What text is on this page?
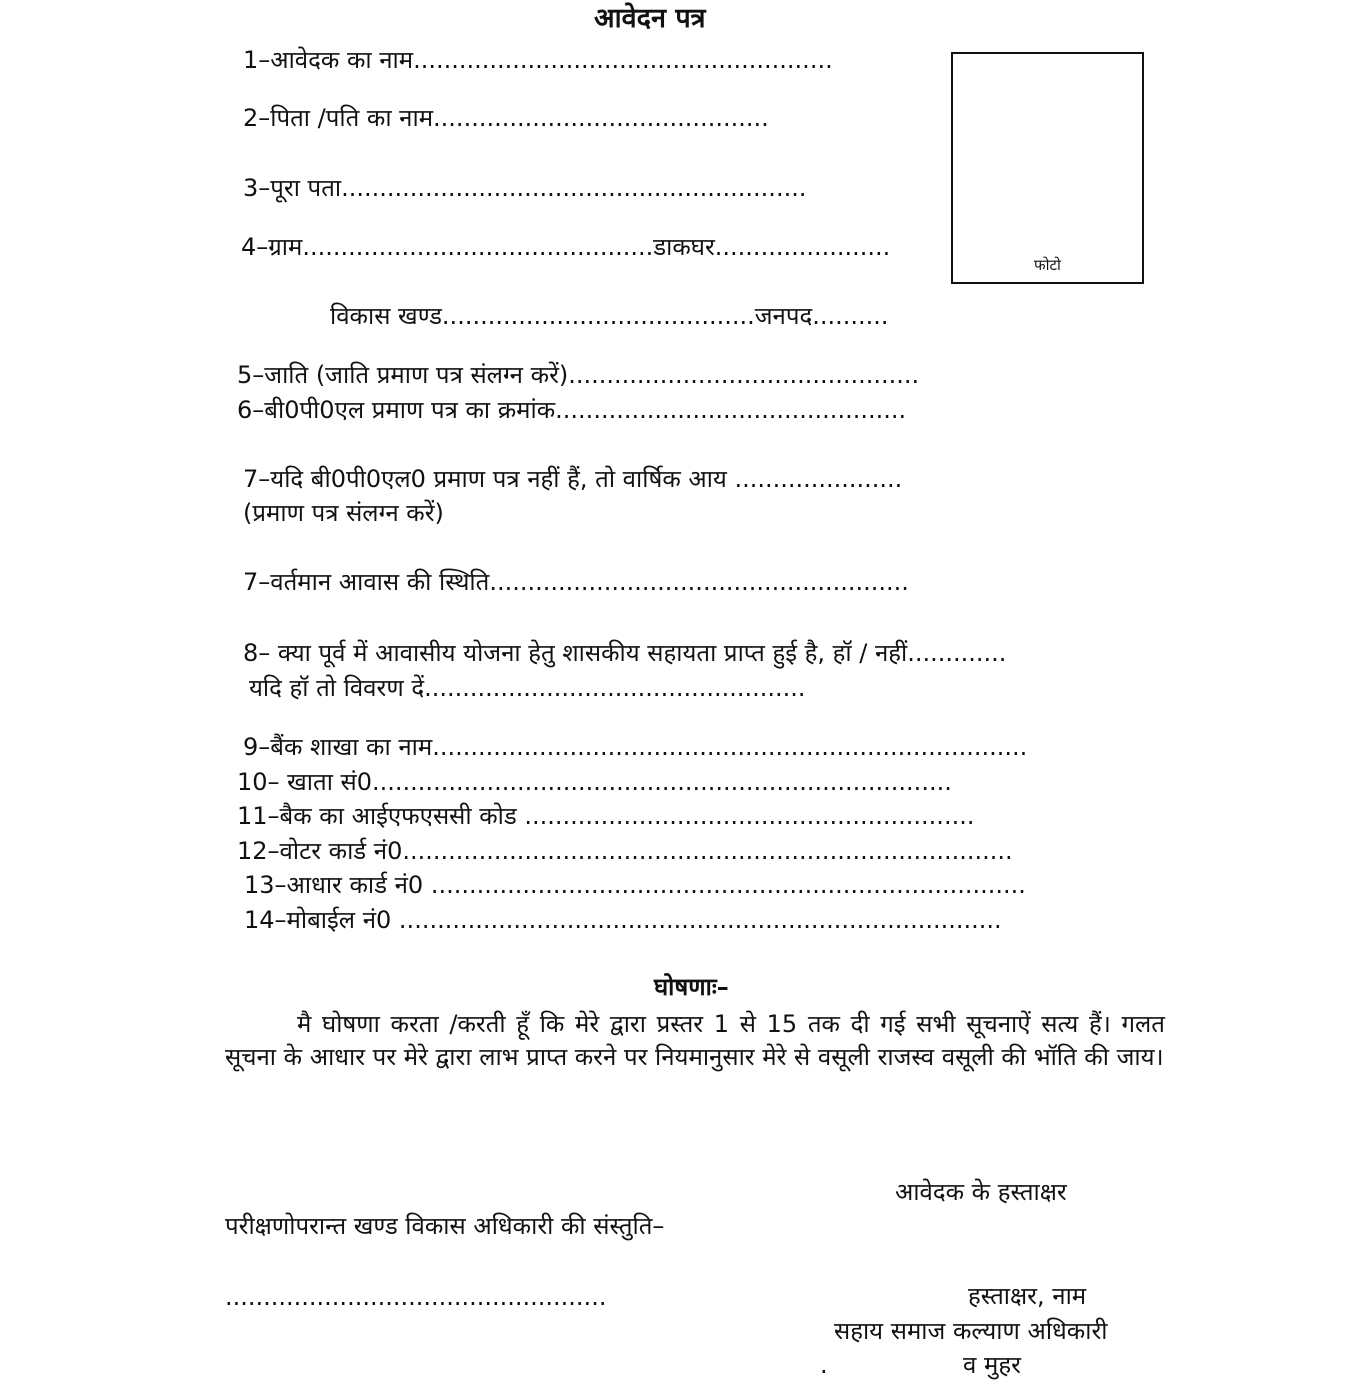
आवेदन पत्र
1–आवेदक का नाम.......................................................
2–पिता /पति का नाम............................................
3–पूरा पता.............................................................
4–ग्राम..............................................डाकघर.......................
विकास खण्ड.........................................जनपद..........
फोटो
5–जाति (जाति प्रमाण पत्र संलग्न करें)..............................................
6–बी0पी0एल प्रमाण पत्र का क्रमांक..............................................
7–यदि बी0पी0एल0 प्रमाण पत्र नहीं हैं, तो वार्षिक आय ......................
(प्रमाण पत्र संलग्न करें)
7–वर्तमान आवास की स्थिति.......................................................
8– क्या पूर्व में आवासीय योजना हेतु शासकीय सहायता प्राप्त हुई है, हॉ / नहीं.............
यदि हॉ तो विवरण दें..................................................
9–बैंक शाखा का नाम..............................................................................
10– खाता सं0............................................................................
11–बैक का आईएफएससी कोड ...........................................................
12–वोटर कार्ड नं0................................................................................
13–आधार कार्ड नं0 ..............................................................................
14–मोबाईल नं0 ...............................................................................
घोषणाः–
मै घोषणा करता /करती हूँ कि मेरे द्वारा प्रस्तर 1 से 15 तक दी गई सभी सूचनाऐं सत्य हैं। गलत सूचना के आधार पर मेरे द्वारा लाभ प्राप्त करने पर नियमानुसार मेरे से वसूली राजस्व वसूली की भॉति की जाय।
आवेदक के हस्ताक्षर
परीक्षणोपरान्त खण्ड विकास अधिकारी की संस्तुति–
..................................................	हस्ताक्षर, नाम
सहाय समाज कल्याण अधिकारी
.	व मुहर
